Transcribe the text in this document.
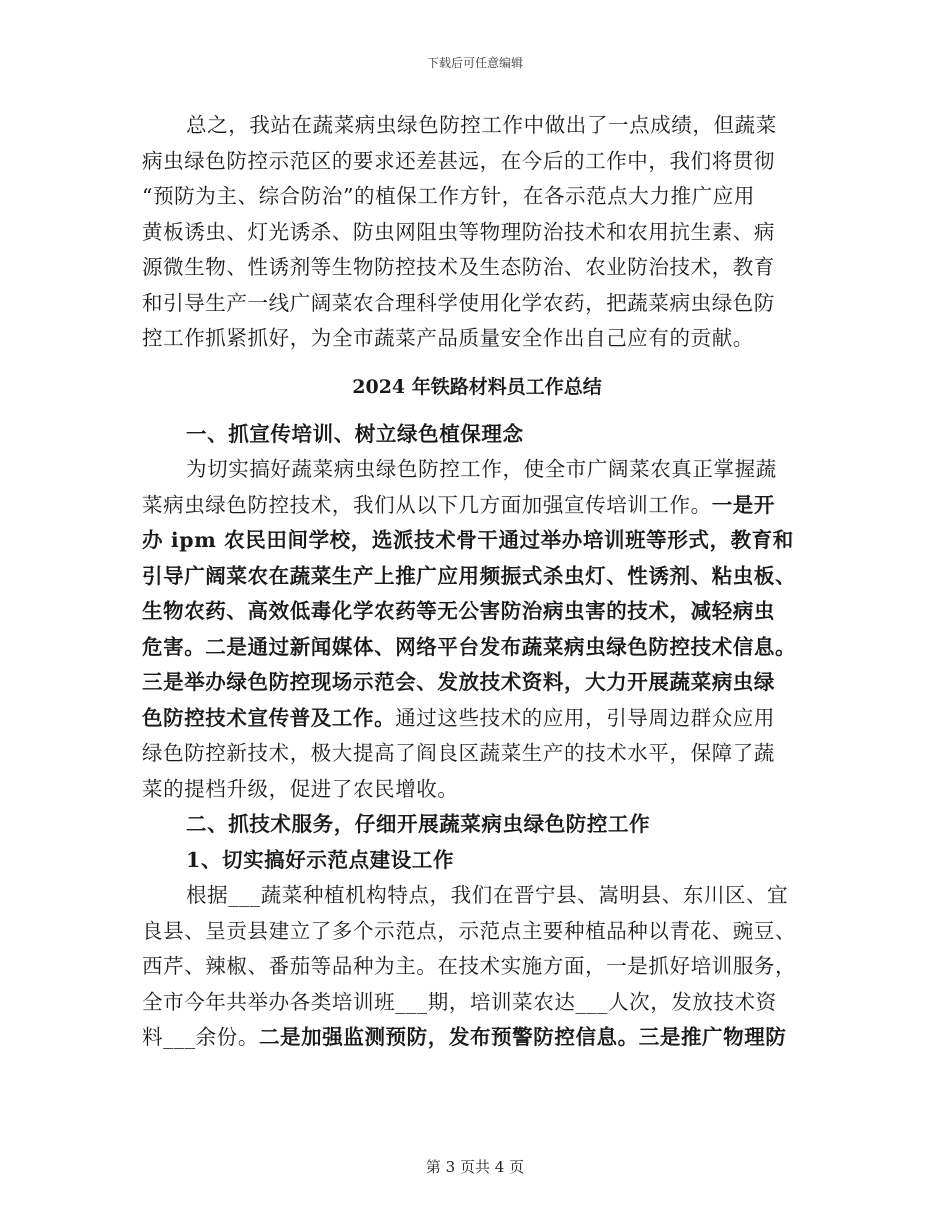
下载后可任意编辑
总之，我站在蔬菜病虫绿色防控工作中做出了一点成绩，但蔬菜
病虫绿色防控示范区的要求还差甚远，在今后的工作中，我们将贯彻
“预防为主、综合防治”的植保工作方针，在各示范点大力推广应用
黄板诱虫、灯光诱杀、防虫网阻虫等物理防治技术和农用抗生素、病
源微生物、性诱剂等生物防控技术及生态防治、农业防治技术，教育
和引导生产一线广阔菜农合理科学使用化学农药，把蔬菜病虫绿色防
控工作抓紧抓好，为全市蔬菜产品质量安全作出自己应有的贡献。
2024 年铁路材料员工作总结
一、抓宣传培训、树立绿色植保理念
为切实搞好蔬菜病虫绿色防控工作，使全市广阔菜农真正掌握蔬
菜病虫绿色防控技术，我们从以下几方面加强宣传培训工作。一是开
办 ipm 农民田间学校，选派技术骨干通过举办培训班等形式，教育和
引导广阔菜农在蔬菜生产上推广应用频振式杀虫灯、性诱剂、粘虫板、
生物农药、高效低毒化学农药等无公害防治病虫害的技术，减轻病虫
危害。二是通过新闻媒体、网络平台发布蔬菜病虫绿色防控技术信息。
三是举办绿色防控现场示范会、发放技术资料，大力开展蔬菜病虫绿
色防控技术宣传普及工作。通过这些技术的应用，引导周边群众应用
绿色防控新技术，极大提高了阎良区蔬菜生产的技术水平，保障了蔬
菜的提档升级，促进了农民增收。
二、抓技术服务，仔细开展蔬菜病虫绿色防控工作
1、切实搞好示范点建设工作
根据___蔬菜种植机构特点，我们在晋宁县、嵩明县、东川区、宜
良县、呈贡县建立了多个示范点，示范点主要种植品种以青花、豌豆、
西芹、辣椒、番茄等品种为主。在技术实施方面，一是抓好培训服务，
全市今年共举办各类培训班___期，培训菜农达___人次，发放技术资
料___余份。二是加强监测预防，发布预警防控信息。三是推广物理防
第 3 页共 4 页
